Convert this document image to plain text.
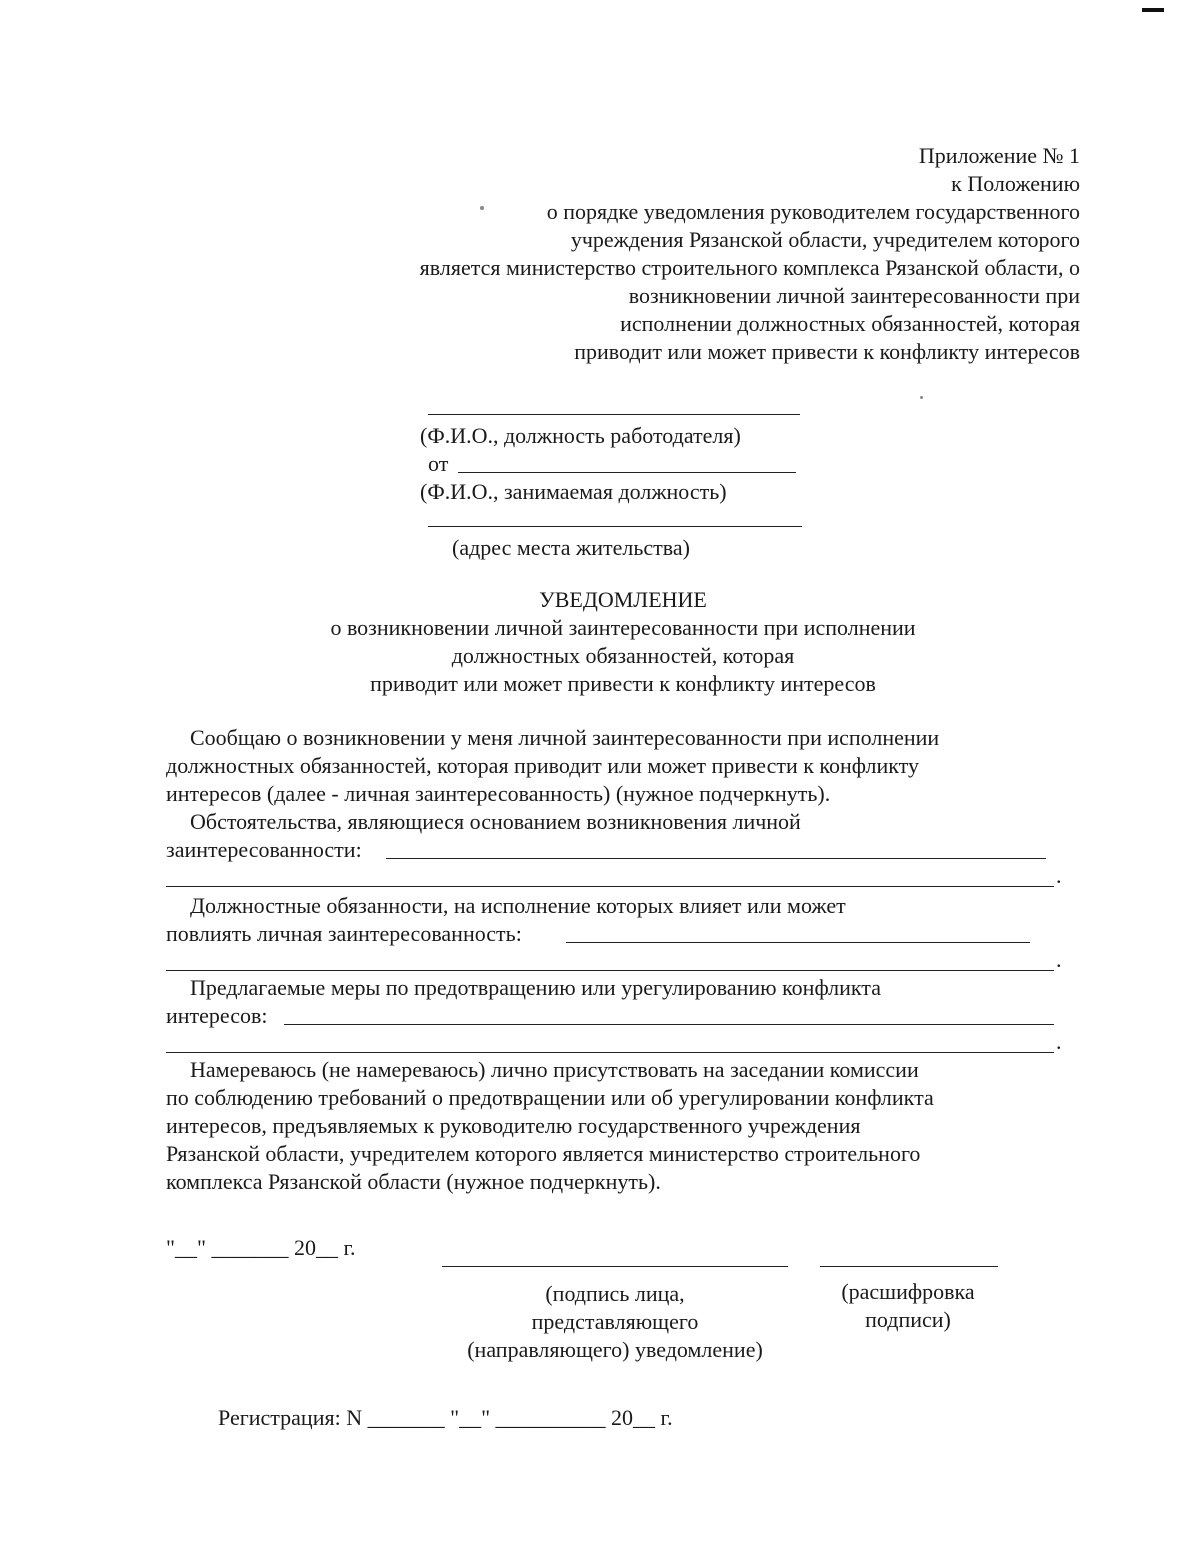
Приложение № 1
к Положению
о порядке уведомления руководителем государственного
учреждения Рязанской области, учредителем которого
является министерство строительного комплекса Рязанской области, о
возникновении личной заинтересованности при
исполнении должностных обязанностей, которая
приводит или может привести к конфликту интересов
(Ф.И.О., должность работодателя)
от
(Ф.И.О., занимаемая должность)
(адрес места жительства)
УВЕДОМЛЕНИЕ
о возникновении личной заинтересованности при исполнении
должностных обязанностей, которая
приводит или может привести к конфликту интересов
Сообщаю о возникновении у меня личной заинтересованности при исполнении
должностных обязанностей, которая приводит или может привести к конфликту
интересов (далее - личная заинтересованность) (нужное подчеркнуть).
Обстоятельства, являющиеся основанием возникновения личной
заинтересованности:
.
Должностные обязанности, на исполнение которых влияет или может
повлиять личная заинтересованность:
.
Предлагаемые меры по предотвращению или урегулированию конфликта
интересов:
.
Намереваюсь (не намереваюсь) лично присутствовать на заседании комиссии
по соблюдению требований о предотвращении или об урегулировании конфликта
интересов, предъявляемых к руководителю государственного учреждения
Рязанской области, учредителем которого является министерство строительного
комплекса Рязанской области (нужное подчеркнуть).
"__" _______ 20__ г.
(подпись лица,
представляющего
(направляющего) уведомление)
(расшифровка
подписи)
Регистрация: N _______ "__" __________ 20__ г.
